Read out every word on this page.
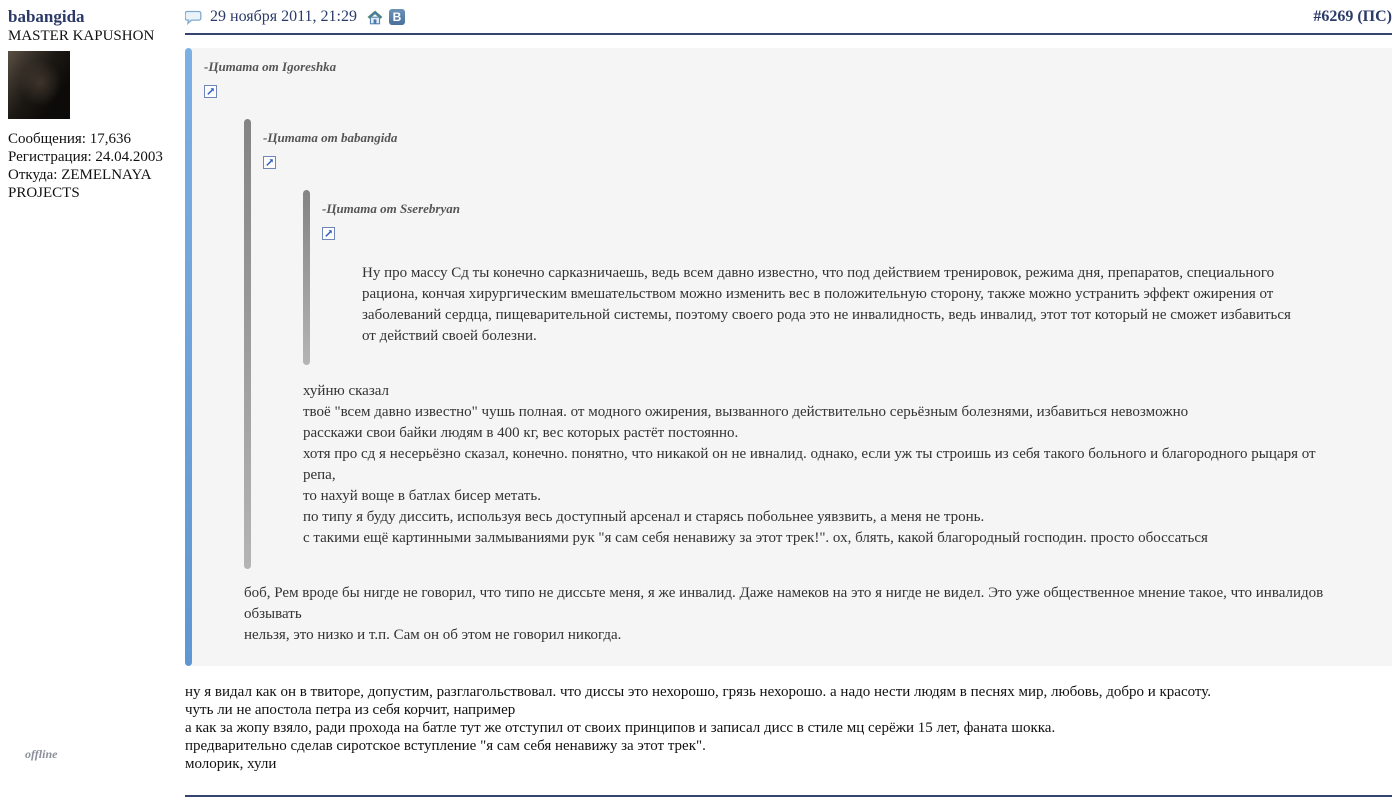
babangida
MASTER KAPUSHON
Сообщения: 17,636
Регистрация: 24.04.2003
Откуда: ZEMELNAYA PROJECTS
29 ноября 2011, 21:29	В	#6269 (ПС)
-Цитата от Igoreshka
-Цитата от babangida
-Цитата от Sserebryan
Ну про массу Сд ты конечно сарказничаешь, ведь всем давно известно, что под действием тренировок, режима дня, препаратов, специального
рациона, кончая хирургическим вмешательством можно изменить вес в положительную сторону, также можно устранить эффект ожирения от
заболеваний сердца, пищеварительной системы, поэтому своего рода это не инвалидность, ведь инвалид, этот тот который не сможет избавиться
от действий своей болезни.
хуйню сказал
твоё "всем давно известно" чушь полная. от модного ожирения, вызванного действительно серьёзным болезнями, избавиться невозможно
расскажи свои байки людям в 400 кг, вес которых растёт постоянно.
хотя про сд я несерьёзно сказал, конечно. понятно, что никакой он не ивналид. однако, если уж ты строишь из себя такого больного и благородного рыцаря от репа,
то нахуй воще в батлах бисер метать.
по типу я буду диссить, используя весь доступный арсенал и старясь побольнее уявзвить, а меня не тронь.
с такими ещё картинными залмываниями рук "я сам себя ненавижу за этот трек!". ох, блять, какой благородный господин. просто обоссаться
боб, Рем вроде бы нигде не говорил, что типо не диссьте меня, я же инвалид. Даже намеков на это я нигде не видел. Это уже общественное мнение такое, что инвалидов обзывать
нельзя, это низко и т.п. Сам он об этом не говорил никогда.
ну я видал как он в твиторе, допустим, разглагольствовал. что диссы это нехорошо, грязь нехорошо. а надо нести людям в песнях мир, любовь, добро и красоту.
чуть ли не апостола петра из себя корчит, например
а как за жопу взяло, ради прохода на батле тут же отступил от своих принципов и записал дисс в стиле мц серёжи 15 лет, фаната шокка.
предварительно сделав сиротское вступление "я сам себя ненавижу за этот трек".
молорик, хули
offline
